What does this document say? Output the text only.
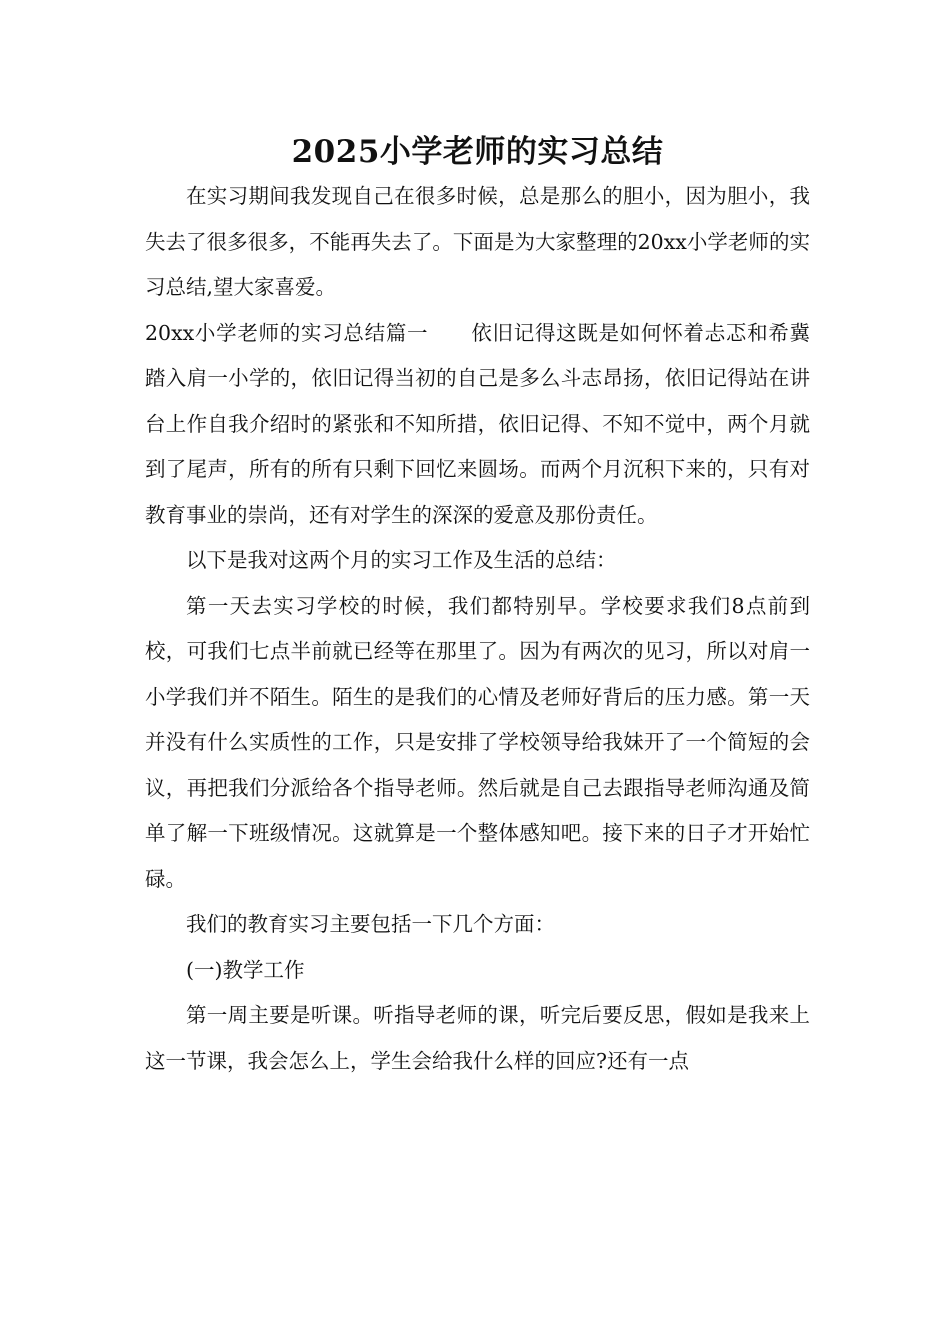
2025小学老师的实习总结

在实习期间我发现自己在很多时候，总是那么的胆小，因为胆小，我失去了很多很多，不能再失去了。下面是为大家整理的20xx小学老师的实习总结,望大家喜爱。

20xx小学老师的实习总结篇一 依旧记得这既是如何怀着忐忑和希冀踏入肩一小学的，依旧记得当初的自己是多么斗志昂扬，依旧记得站在讲台上作自我介绍时的紧张和不知所措，依旧记得、不知不觉中，两个月就到了尾声，所有的所有只剩下回忆来圆场。而两个月沉积下来的，只有对教育事业的崇尚，还有对学生的深深的爱意及那份责任。

以下是我对这两个月的实习工作及生活的总结：

第一天去实习学校的时候，我们都特别早。学校要求我们8点前到校，可我们七点半前就已经等在那里了。因为有两次的见习，所以对肩一小学我们并不陌生。陌生的是我们的心情及老师好背后的压力感。第一天并没有什么实质性的工作，只是安排了学校领导给我妹开了一个简短的会议，再把我们分派给各个指导老师。然后就是自己去跟指导老师沟通及简单了解一下班级情况。这就算是一个整体感知吧。接下来的日子才开始忙碌。

我们的教育实习主要包括一下几个方面：

(一)教学工作

第一周主要是听课。听指导老师的课，听完后要反思，假如是我来上这一节课，我会怎么上，学生会给我什么样的回应?还有一点
